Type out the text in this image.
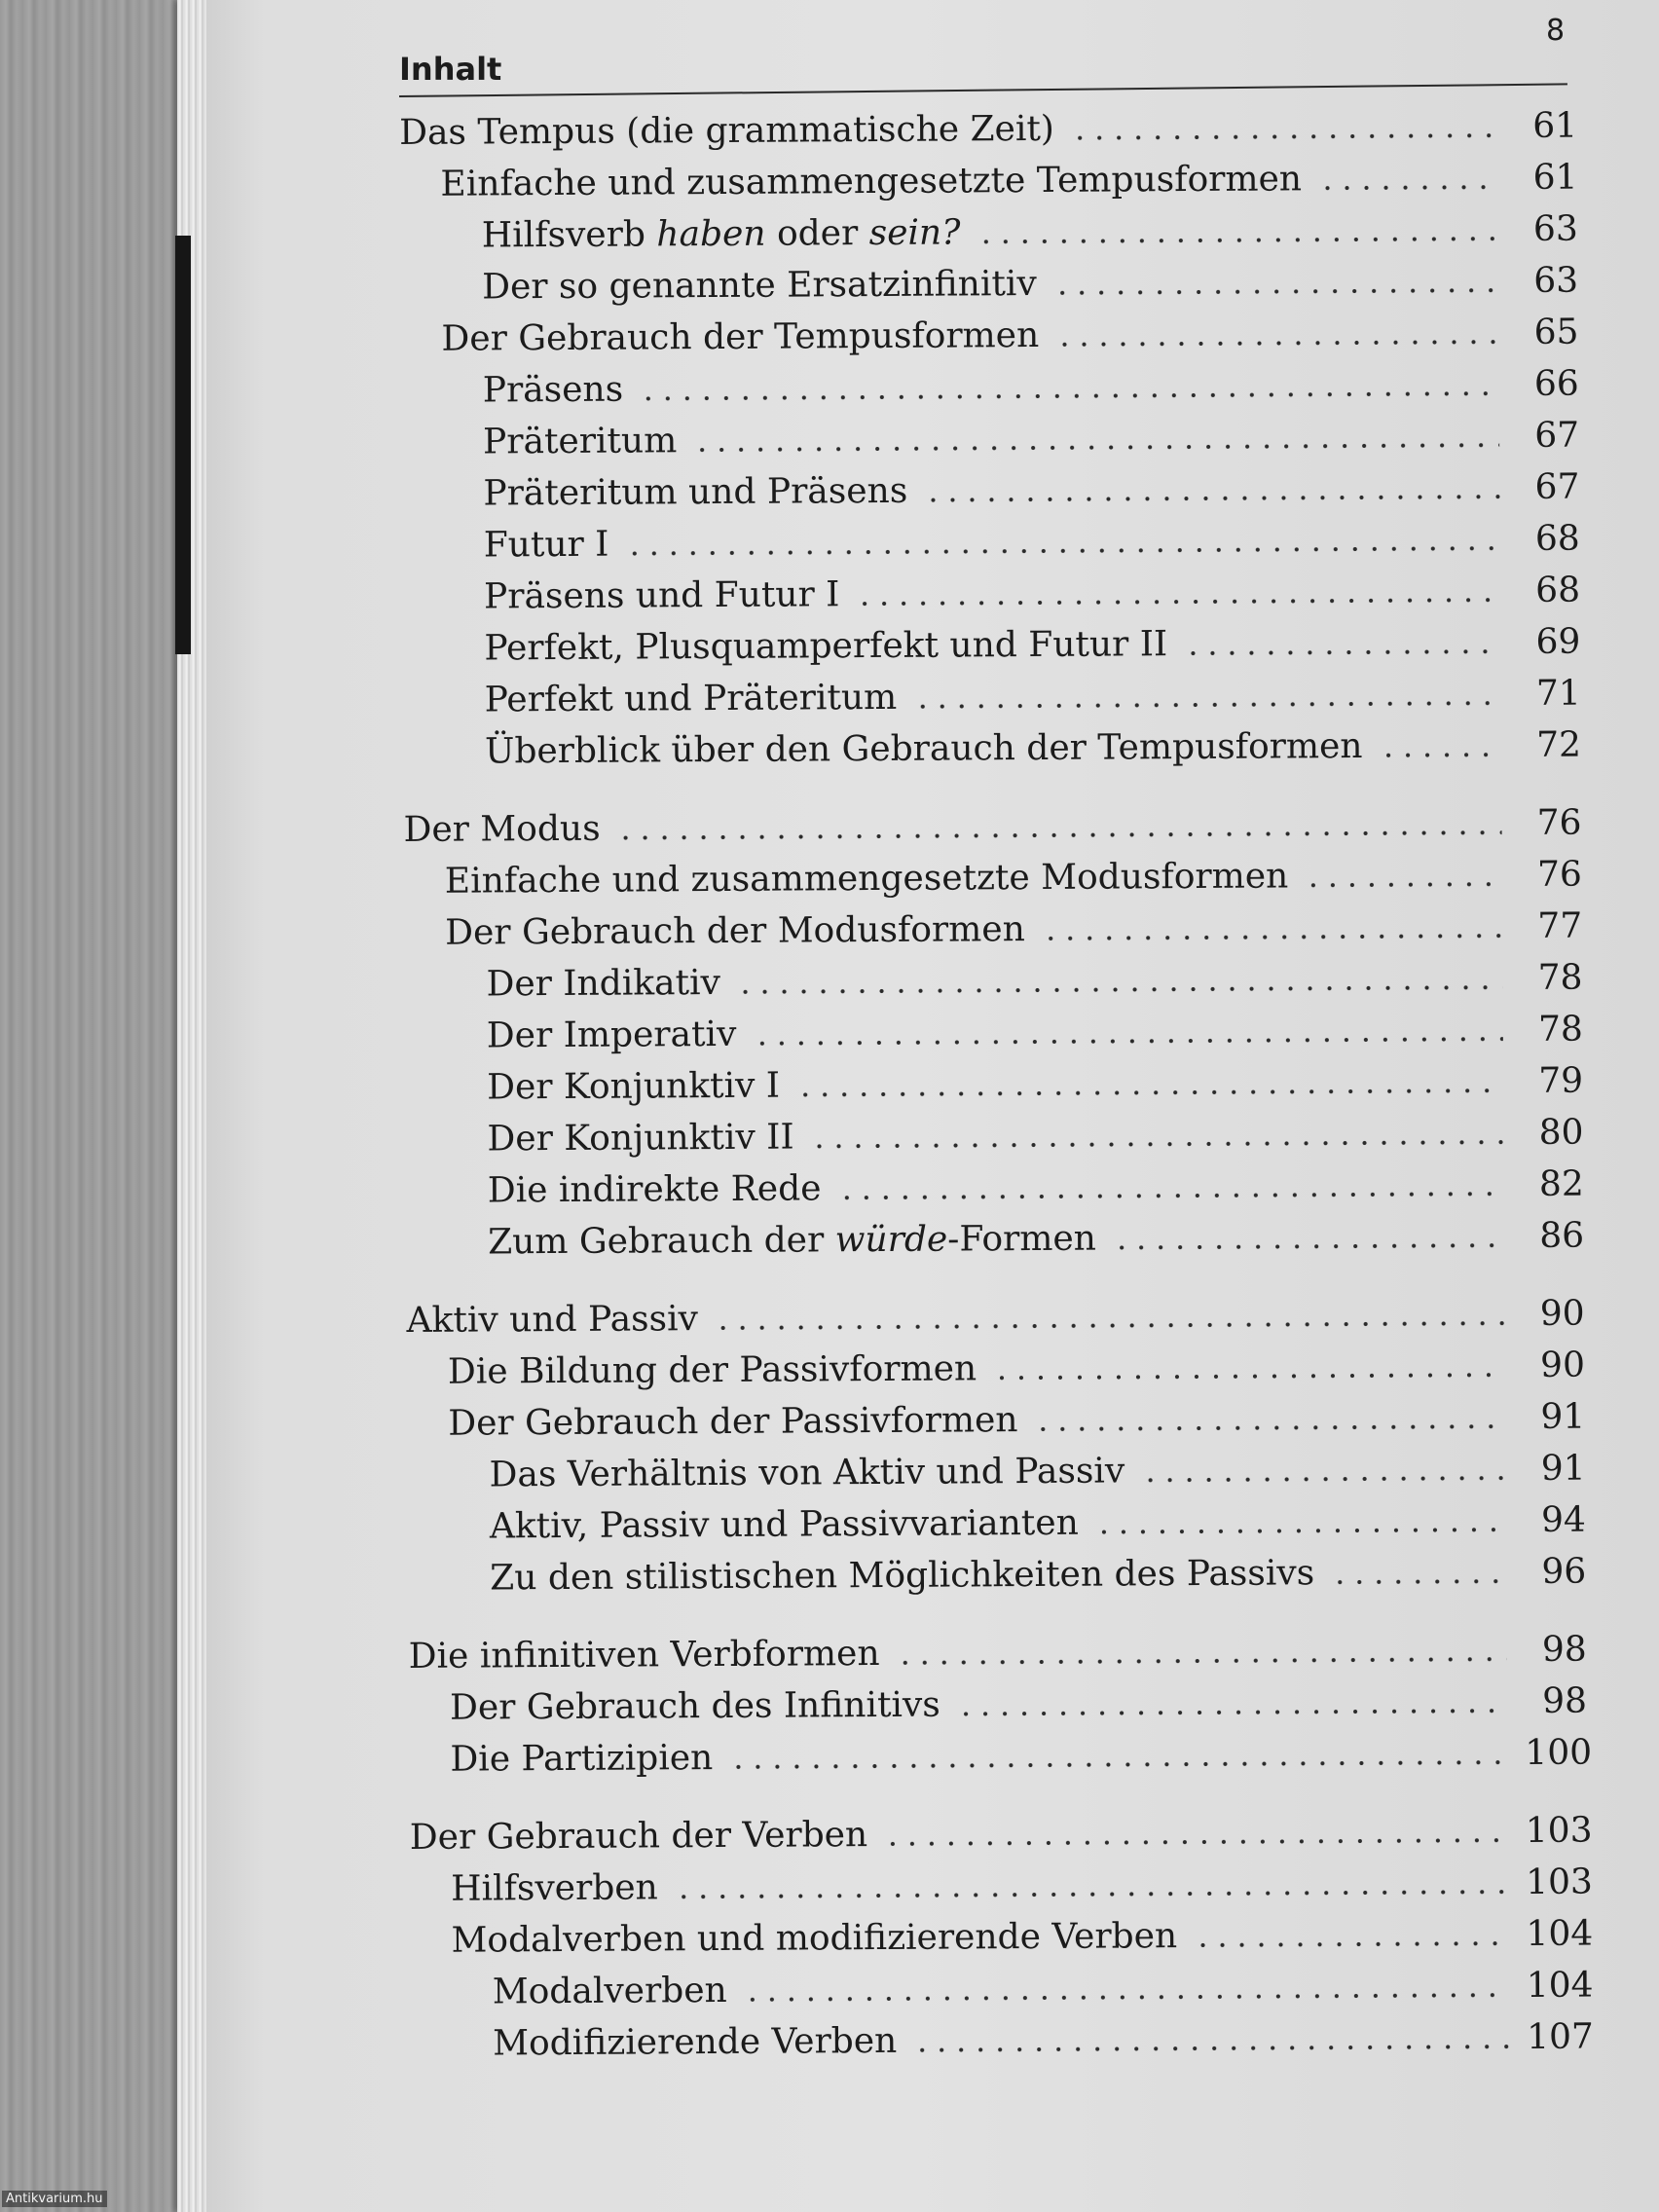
8
Inhalt
Das Tempus (die grammatische Zeit)	61
Einfache und zusammengesetzte Tempusformen	61
Hilfsverb haben oder sein?	63
Der so genannte Ersatzinfinitiv	63
Der Gebrauch der Tempusformen	65
Präsens	66
Präteritum	67
Präteritum und Präsens	67
Futur I	68
Präsens und Futur I	68
Perfekt, Plusquamperfekt und Futur II	69
Perfekt und Präteritum	71
Überblick über den Gebrauch der Tempusformen	72
Der Modus	76
Einfache und zusammengesetzte Modusformen	76
Der Gebrauch der Modusformen	77
Der Indikativ	78
Der Imperativ	78
Der Konjunktiv I	79
Der Konjunktiv II	80
Die indirekte Rede	82
Zum Gebrauch der würde-Formen	86
Aktiv und Passiv	90
Die Bildung der Passivformen	90
Der Gebrauch der Passivformen	91
Das Verhältnis von Aktiv und Passiv	91
Aktiv, Passiv und Passivvarianten	94
Zu den stilistischen Möglichkeiten des Passivs	96
Die infinitiven Verbformen	98
Der Gebrauch des Infinitivs	98
Die Partizipien	100
Der Gebrauch der Verben	103
Hilfsverben	103
Modalverben und modifizierende Verben	104
Modalverben	104
Modifizierende Verben	107
Antikvarium.hu
